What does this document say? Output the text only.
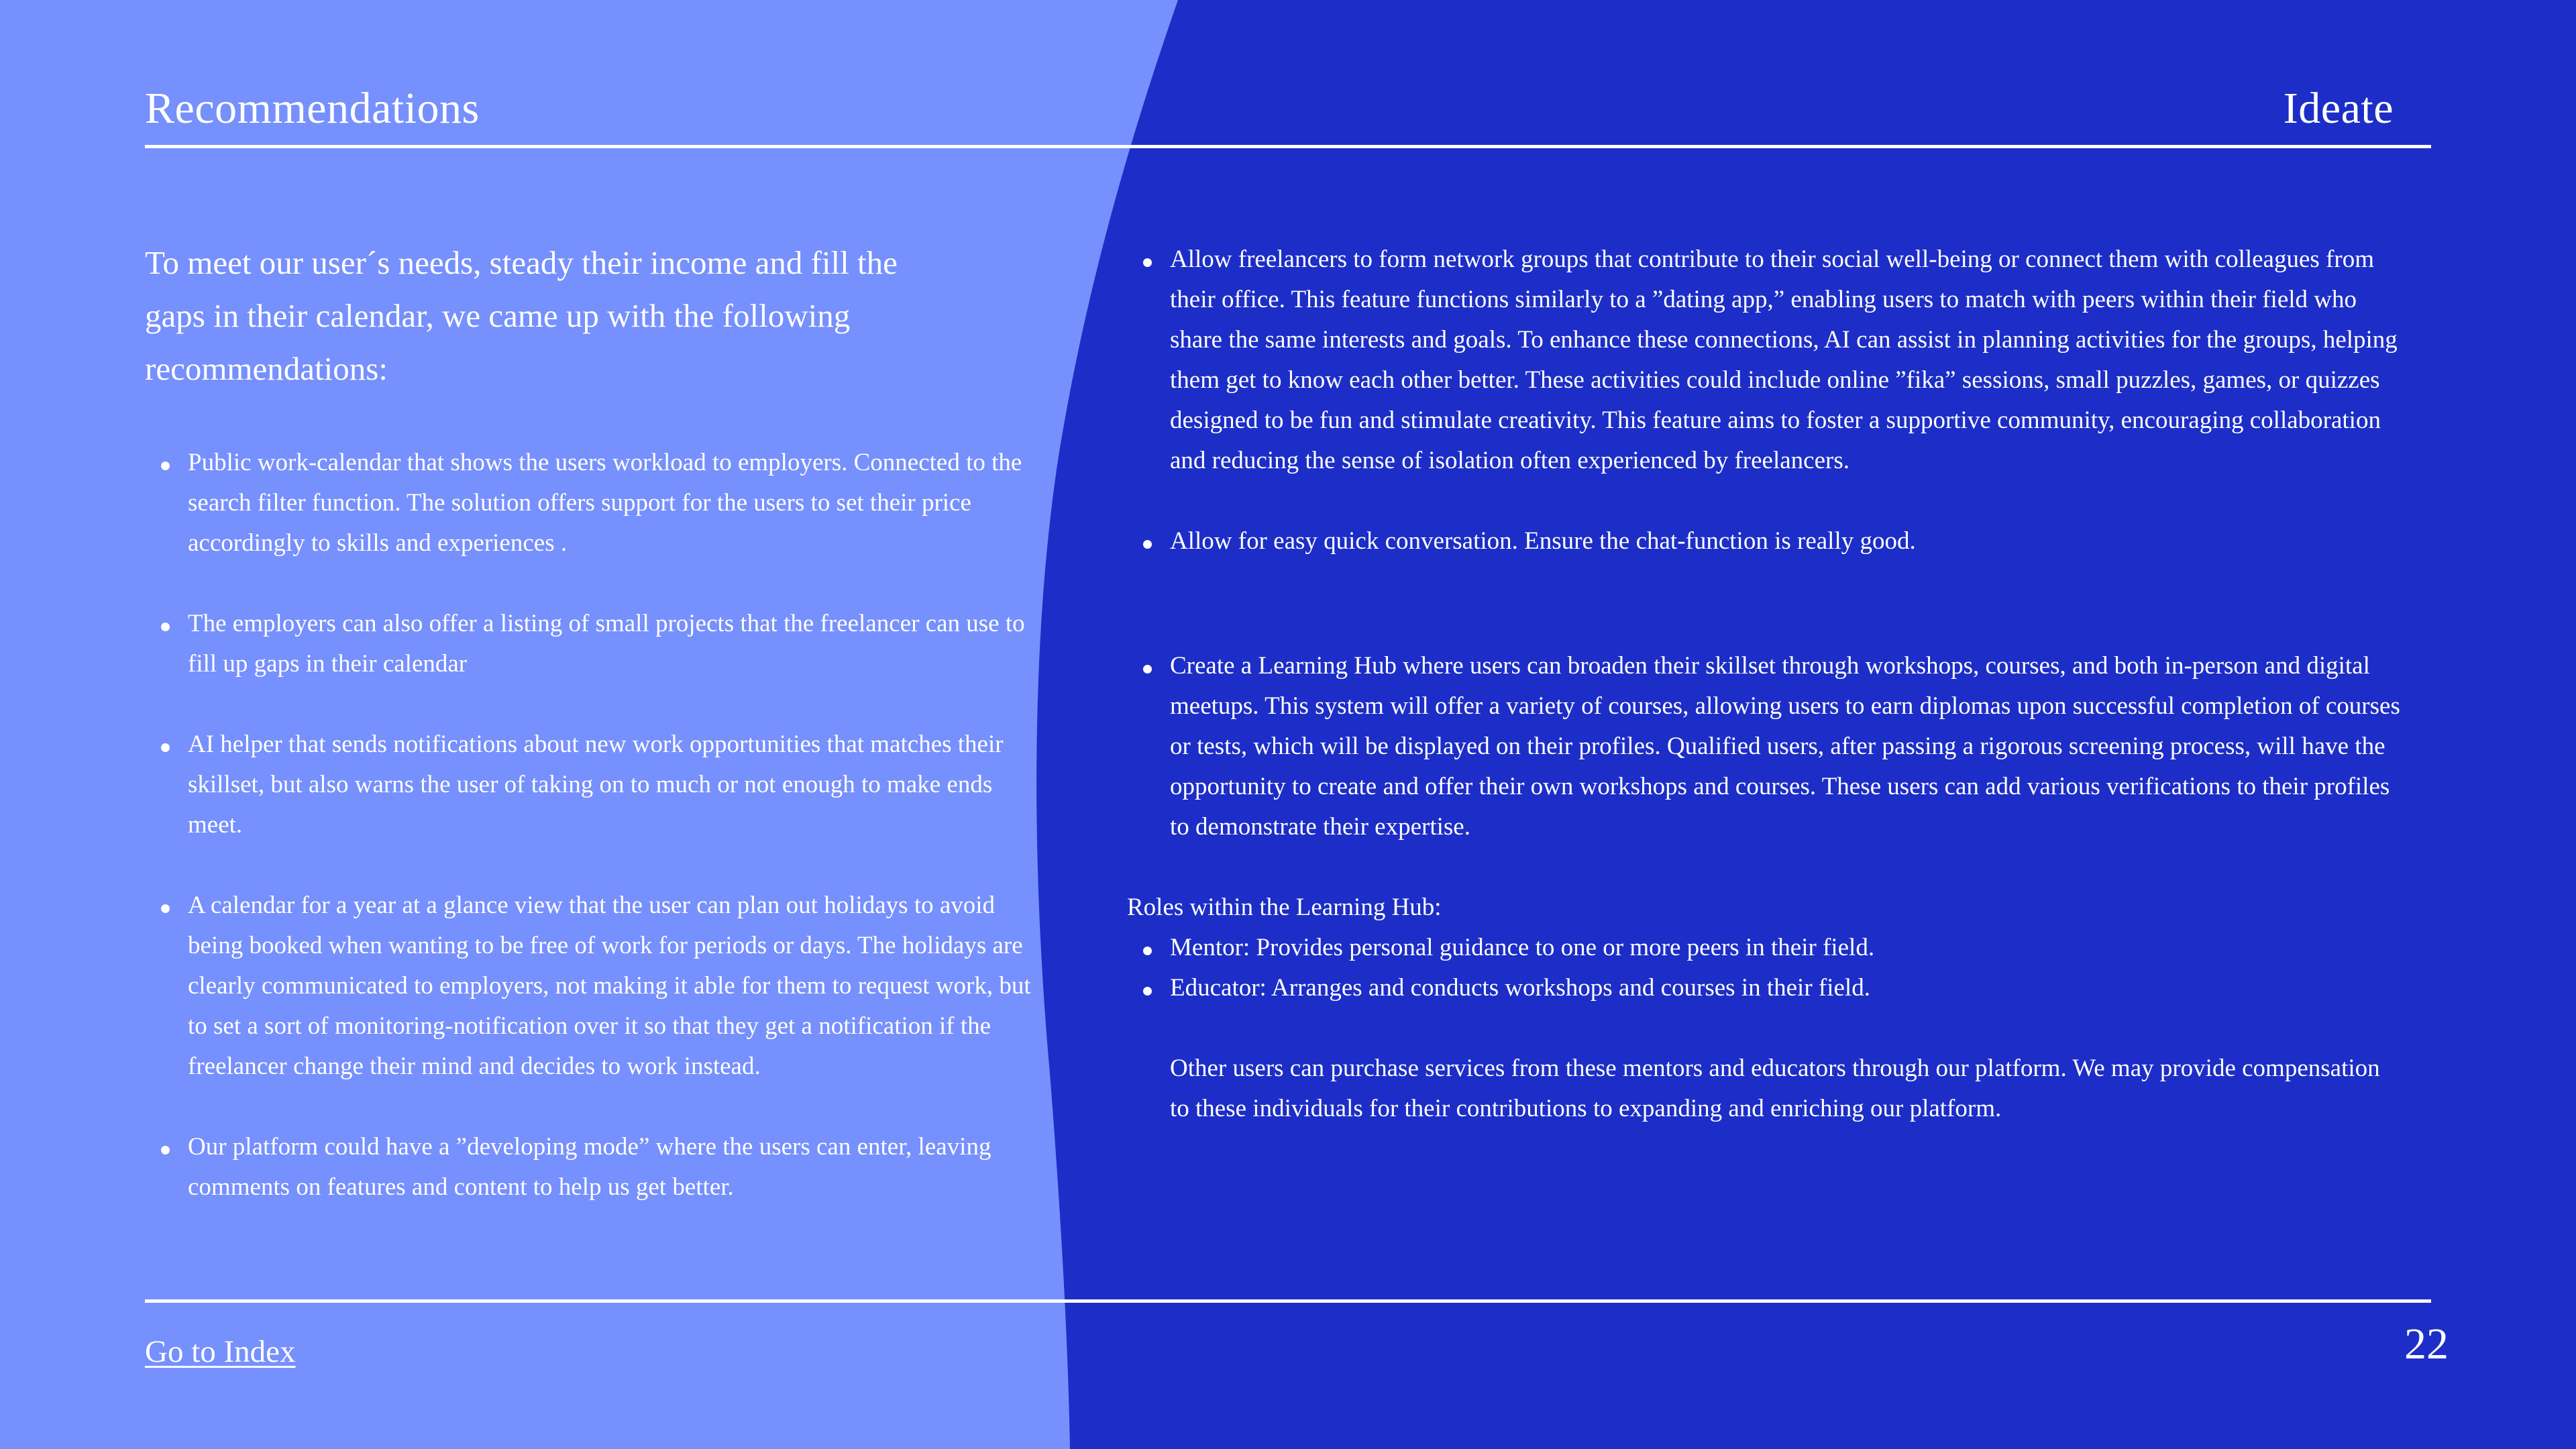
Recommendations	Ideate

To meet our user´s needs, steady their income and fill the gaps in their calendar, we came up with the following recommendations:

Public work-calendar that shows the users workload to employers. Connected to the search filter function. The solution offers support for the users to set their price accordingly to skills and experiences .
The employers can also offer a listing of small projects that the freelancer can use to fill up gaps in their calendar
AI helper that sends notifications about new work opportunities that matches their skillset, but also warns the user of taking on to much or not enough to make ends meet.
A calendar for a year at a glance view that the user can plan out holidays to avoid being booked when wanting to be free of work for periods or days. The holidays are clearly communicated to employers, not making it able for them to request work, but to set a sort of monitoring-notification over it so that they get a notification if the freelancer change their mind and decides to work instead.
Our platform could have a ”developing mode” where the users can enter, leaving comments on features and content to help us get better.
Allow freelancers to form network groups that contribute to their social well-being or connect them with colleagues from their office. This feature functions similarly to a ”dating app,” enabling users to match with peers within their field who share the same interests and goals. To enhance these connections, AI can assist in planning activities for the groups, helping them get to know each other better. These activities could include online ”fika” sessions, small puzzles, games, or quizzes designed to be fun and stimulate creativity. This feature aims to foster a supportive community, encouraging collaboration and reducing the sense of isolation often experienced by freelancers.
Allow for easy quick conversation. Ensure the chat-function is really good.
Create a Learning Hub where users can broaden their skillset through workshops, courses, and both in-person and digital meetups. This system will offer a variety of courses, allowing users to earn diplomas upon successful completion of courses or tests, which will be displayed on their profiles. Qualified users, after passing a rigorous screening process, will have the opportunity to create and offer their own workshops and courses. These users can add various verifications to their profiles to demonstrate their expertise.

Roles within the Learning Hub:

Mentor: Provides personal guidance to one or more peers in their field.
Educator: Arranges and conducts workshops and courses in their field.

Other users can purchase services from these mentors and educators through our platform. We may provide compensation to these individuals for their contributions to expanding and enriching our platform.

Go to Index	22
